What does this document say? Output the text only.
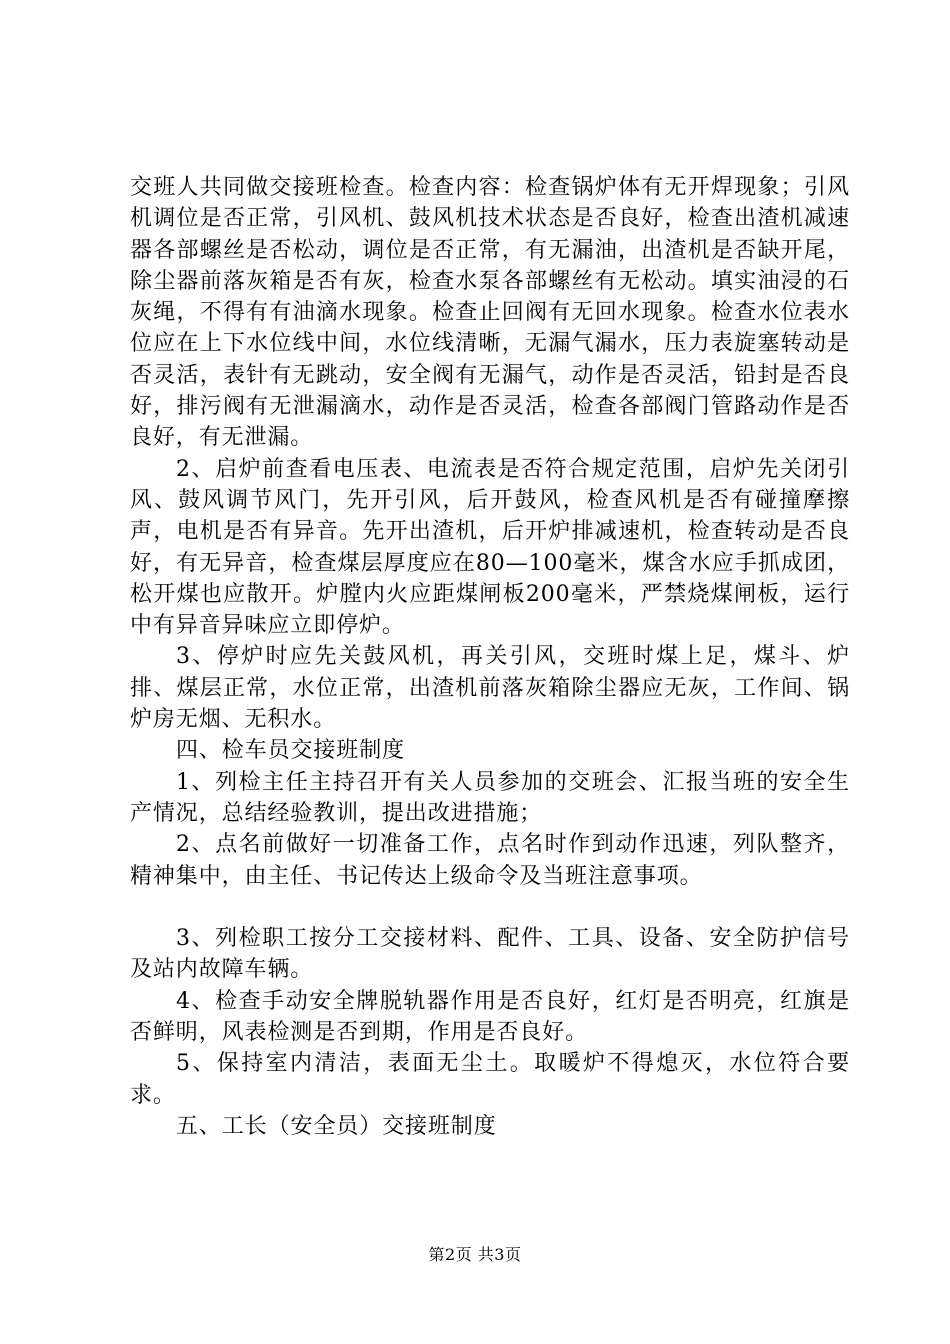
交班人共同做交接班检查。检查内容：检查锅炉体有无开焊现象；引风机调位是否正常，引风机、鼓风机技术状态是否良好，检查出渣机减速器各部螺丝是否松动，调位是否正常，有无漏油，出渣机是否缺开尾，除尘器前落灰箱是否有灰，检查水泵各部螺丝有无松动。填实油浸的石灰绳，不得有有油滴水现象。检查止回阀有无回水现象。检查水位表水位应在上下水位线中间，水位线清晰，无漏气漏水，压力表旋塞转动是否灵活，表针有无跳动，安全阀有无漏气，动作是否灵活，铅封是否良好，排污阀有无泄漏滴水，动作是否灵活，检查各部阀门管路动作是否良好，有无泄漏。

2、启炉前查看电压表、电流表是否符合规定范围，启炉先关闭引风、鼓风调节风门，先开引风，后开鼓风，检查风机是否有碰撞摩擦声，电机是否有异音。先开出渣机，后开炉排减速机，检查转动是否良好，有无异音，检查煤层厚度应在80—100毫米，煤含水应手抓成团，松开煤也应散开。炉膛内火应距煤闸板200毫米，严禁烧煤闸板，运行中有异音异味应立即停炉。

3、停炉时应先关鼓风机，再关引风，交班时煤上足，煤斗、炉排、煤层正常，水位正常，出渣机前落灰箱除尘器应无灰，工作间、锅炉房无烟、无积水。

四、检车员交接班制度

1、列检主任主持召开有关人员参加的交班会、汇报当班的安全生产情况，总结经验教训，提出改进措施；

2、点名前做好一切准备工作，点名时作到动作迅速，列队整齐，精神集中，由主任、书记传达上级命令及当班注意事项。

3、列检职工按分工交接材料、配件、工具、设备、安全防护信号及站内故障车辆。

4、检查手动安全牌脱轨器作用是否良好，红灯是否明亮，红旗是否鲜明，风表检测是否到期，作用是否良好。

5、保持室内清洁，表面无尘土。取暖炉不得熄灭，水位符合要求。

五、工长（安全员）交接班制度

第2页 共3页
